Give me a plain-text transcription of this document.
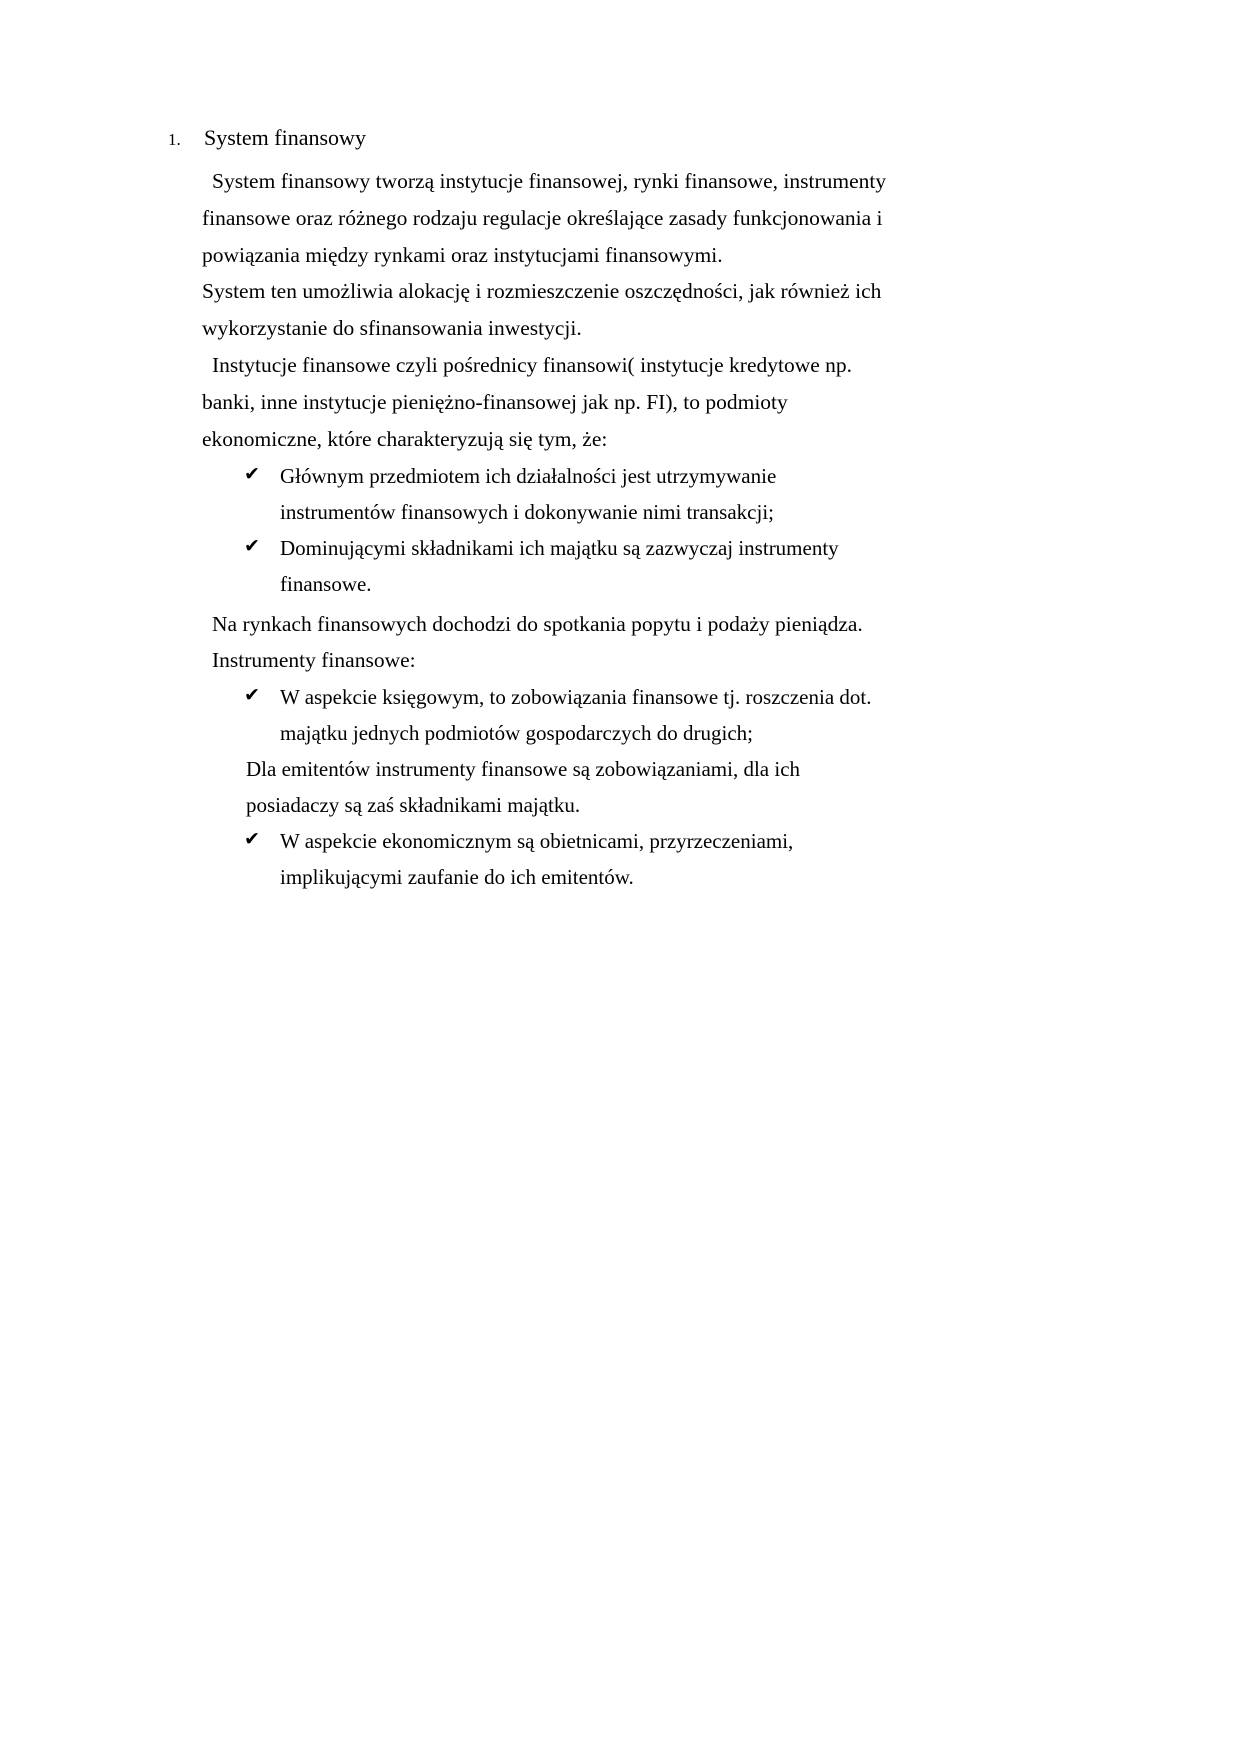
1.	System finansowy

System finansowy tworzą instytucje finansowej, rynki finansowe, instrumenty

finansowe oraz różnego rodzaju regulacje określające zasady funkcjonowania i

powiązania między rynkami oraz instytucjami finansowymi.

System ten umożliwia alokację i rozmieszczenie oszczędności, jak również ich

wykorzystanie do sfinansowania inwestycji.

Instytucje finansowe czyli pośrednicy finansowi( instytucje kredytowe np.

banki, inne instytucje pieniężno-finansowej jak np. FI), to podmioty

ekonomiczne, które charakteryzują się tym, że:

✔ Głównym przedmiotem ich działalności jest utrzymywanie
instrumentów finansowych i dokonywanie nimi transakcji;
✔ Dominującymi składnikami ich majątku są zazwyczaj instrumenty
finansowe.

Na rynkach finansowych dochodzi do spotkania popytu i podaży pieniądza.

Instrumenty finansowe:

✔ W aspekcie księgowym, to zobowiązania finansowe tj. roszczenia dot.
majątku jednych podmiotów gospodarczych do drugich;

Dla emitentów instrumenty finansowe są zobowiązaniami, dla ich

posiadaczy są zaś składnikami majątku.

✔ W aspekcie ekonomicznym są obietnicami, przyrzeczeniami,
implikującymi zaufanie do ich emitentów.
